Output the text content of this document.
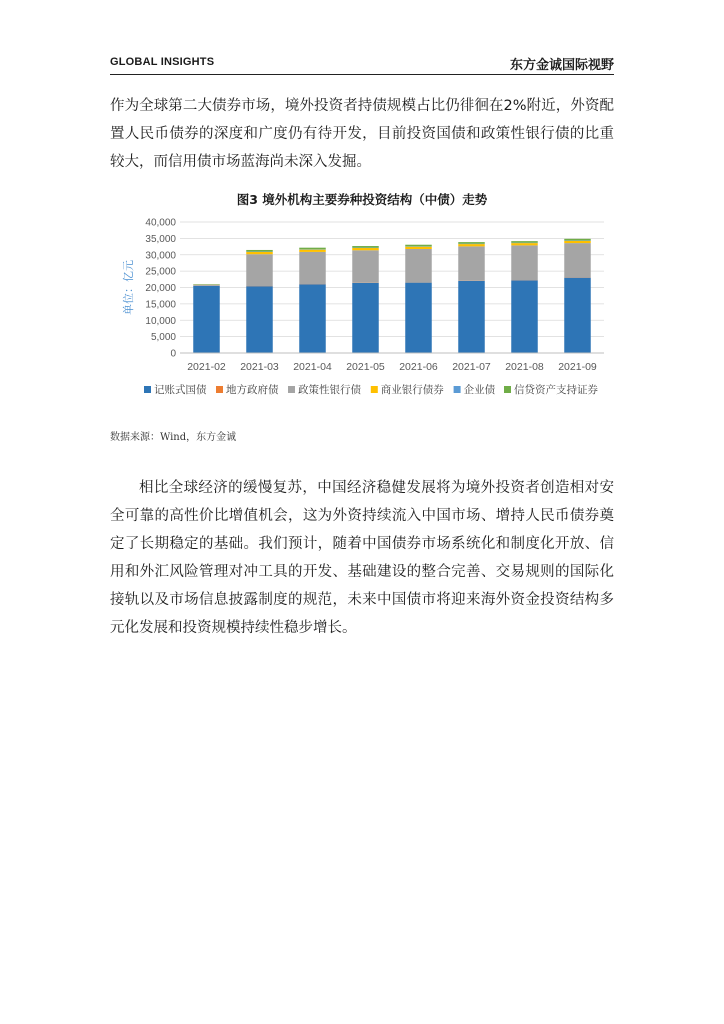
GLOBAL INSIGHTS	东方金诚国际视野
作为全球第二大债券市场，境外投资者持债规模占比仍徘徊在2%附近，外资配置人民币债券的深度和广度仍有待开发，目前投资国债和政策性银行债的比重较大，而信用债市场蓝海尚未深入发掘。
图3 境外机构主要券种投资结构（中债）走势
0
5,000
10,000
15,000
20,000
25,000
30,000
35,000
40,000
单位：亿元
2021-02 2021-03 2021-04 2021-05 2021-06 2021-07 2021-08 2021-09
记账式国债 地方政府债 政策性银行债 商业银行债券 企业债 信贷资产支持证券
数据来源：Wind，东方金诚
相比全球经济的缓慢复苏，中国经济稳健发展将为境外投资者创造相对安全可靠的高性价比增值机会，这为外资持续流入中国市场、增持人民币债券奠定了长期稳定的基础。我们预计，随着中国债券市场系统化和制度化开放、信用和外汇风险管理对冲工具的开发、基础建设的整合完善、交易规则的国际化接轨以及市场信息披露制度的规范，未来中国债市将迎来海外资金投资结构多元化发展和投资规模持续性稳步增长。
